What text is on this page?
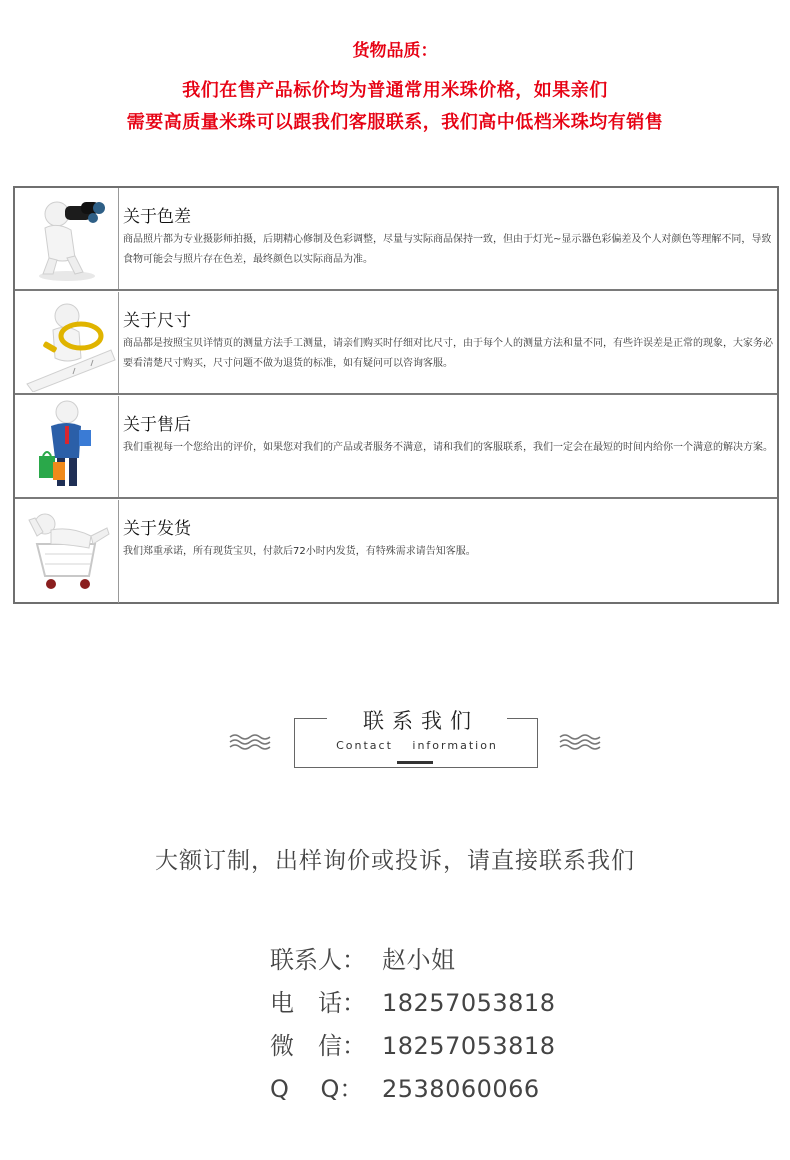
货物品质：
我们在售产品标价均为普通常用米珠价格，如果亲们
需要高质量米珠可以跟我们客服联系，我们高中低档米珠均有销售
关于色差
商品照片都为专业摄影师拍摄，后期精心修制及色彩调整，尽量与实际商品保持一致，但由于灯光~显示器色彩偏差及个人对颜色等理解不同，导致食物可能会与照片存在色差，最终颜色以实际商品为准。
关于尺寸
商品都是按照宝贝详情页的测量方法手工测量，请亲们购买时仔细对比尺寸，由于每个人的测量方法和量不同，有些许误差是正常的现象，大家务必要看清楚尺寸购买，尺寸问题不做为退货的标准，如有疑问可以咨询客服。
关于售后
我们重视每一个您给出的评价，如果您对我们的产品或者服务不满意，请和我们的客服联系，我们一定会在最短的时间内给你一个满意的解决方案。
关于发货
我们郑重承诺，所有现货宝贝，付款后72小时内发货，有特殊需求请告知客服。
联系我们
Contact information
大额订制，出样询价或投诉，请直接联系我们
联系人： 赵小姐
电　话： 18257053818
微　信： 18257053818
Q　 Q： 2538060066
